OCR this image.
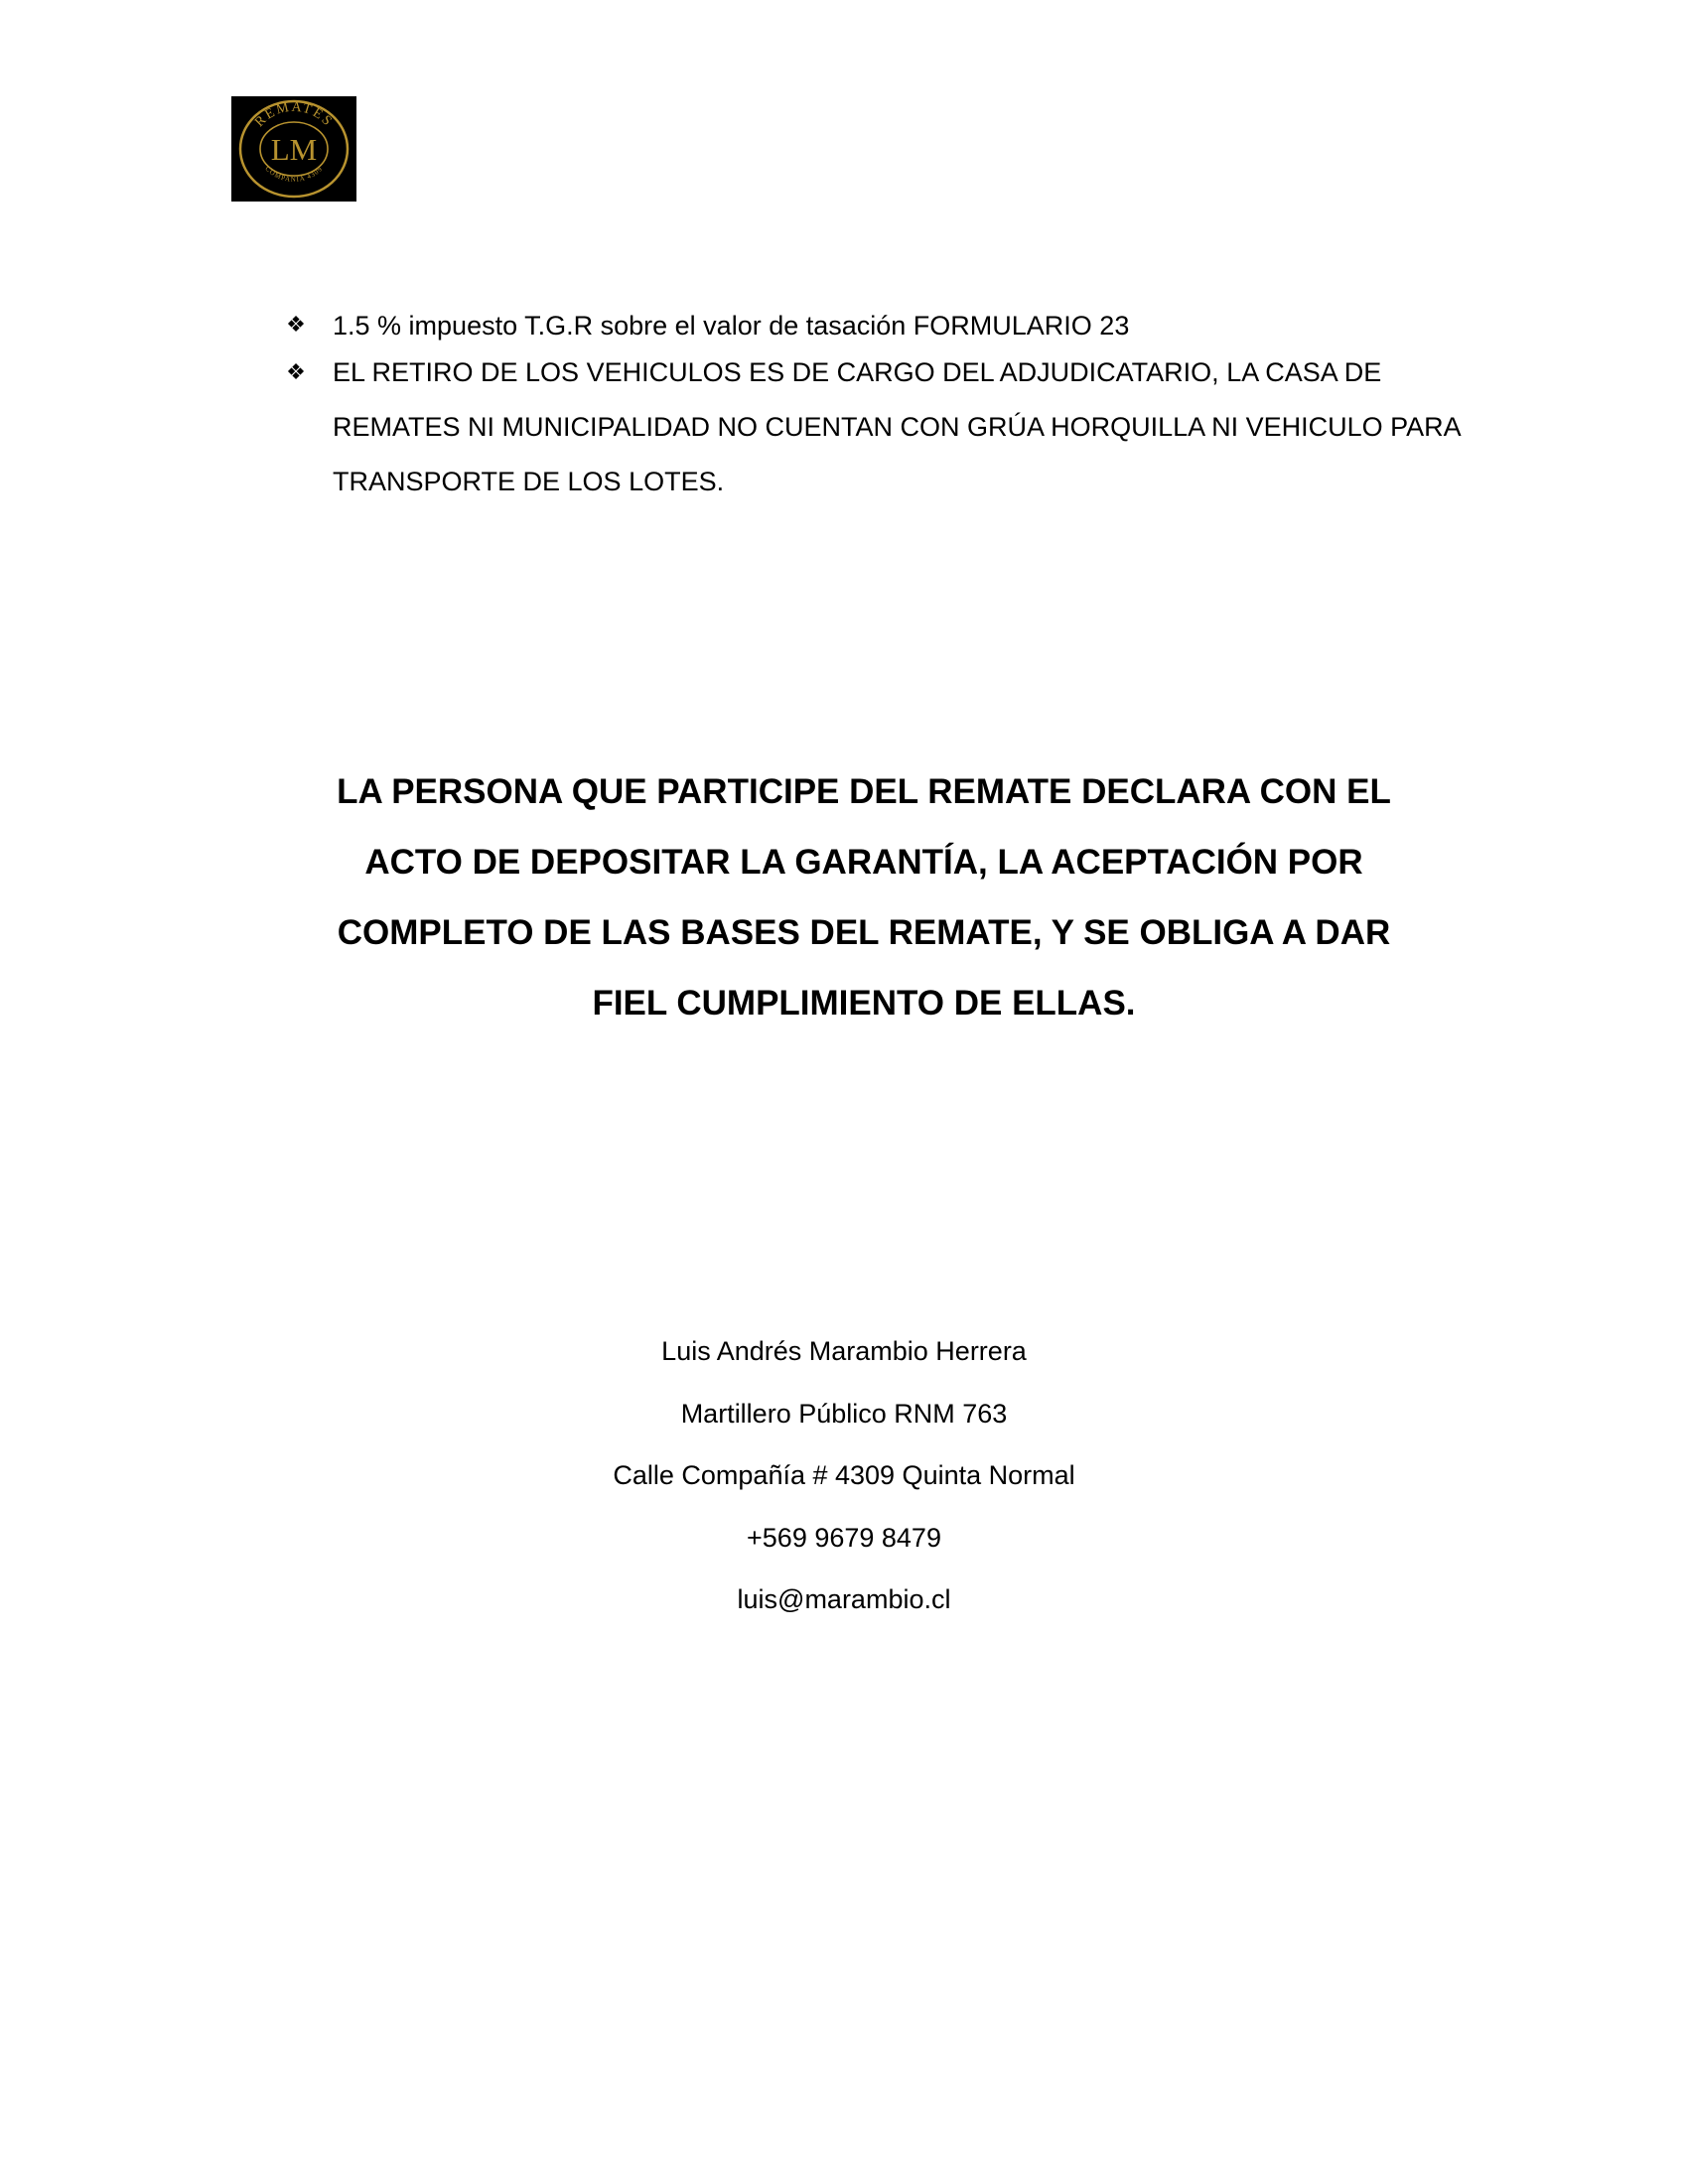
REMATES
LM
COMPAÑIA 4309
❖ 1.5 % impuesto T.G.R sobre el valor de tasación FORMULARIO 23
❖ EL RETIRO DE LOS VEHICULOS ES DE CARGO DEL ADJUDICATARIO, LA CASA DE REMATES NI MUNICIPALIDAD NO CUENTAN CON GRÚA HORQUILLA NI VEHICULO PARA TRANSPORTE DE LOS LOTES.

LA PERSONA QUE PARTICIPE DEL REMATE DECLARA CON EL ACTO DE DEPOSITAR LA GARANTÍA, LA ACEPTACIÓN POR COMPLETO DE LAS BASES DEL REMATE, Y SE OBLIGA A DAR FIEL CUMPLIMIENTO DE ELLAS.

Luis Andrés Marambio Herrera
Martillero Público RNM 763
Calle Compañía # 4309 Quinta Normal
+569 9679 8479
luis@marambio.cl
